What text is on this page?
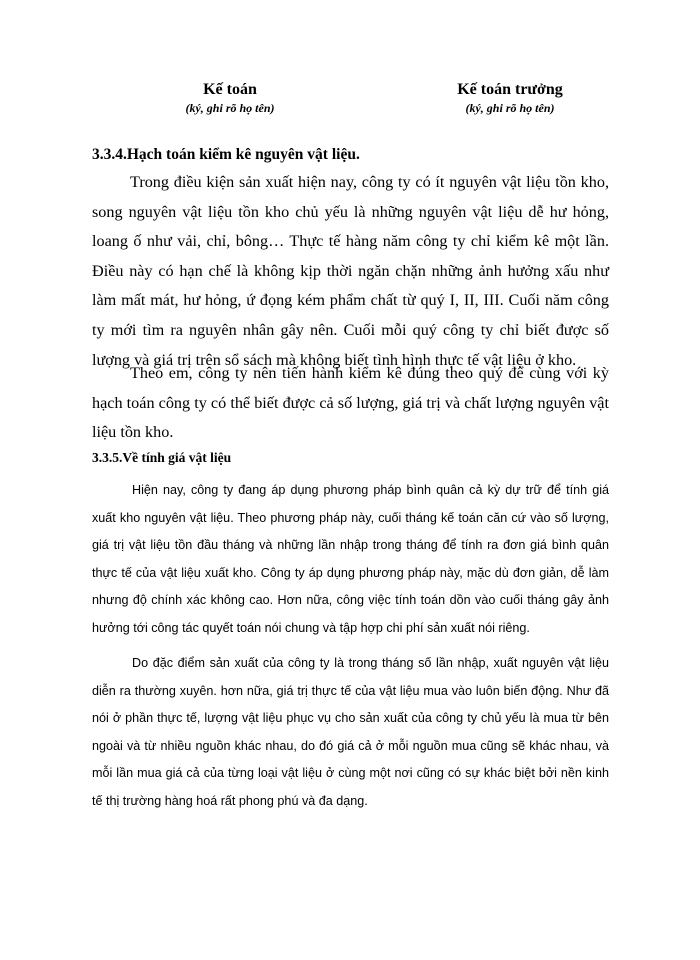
Kế toán
(ký, ghi rõ họ tên)
Kế toán trưởng
(ký, ghi rõ họ tên)
3.3.4.Hạch toán kiểm kê nguyên vật liệu.

Trong điều kiện sản xuất hiện nay, công ty có ít nguyên vật liệu tồn kho, song nguyên vật liệu tồn kho chủ yếu là những nguyên vật liệu dễ hư hỏng, loang ố như vải, chỉ, bông… Thực tế hàng năm công ty chỉ kiểm kê một lần. Điều này có hạn chế là không kịp thời ngăn chặn những ảnh hưởng xấu như làm mất mát, hư hỏng, ứ đọng kém phẩm chất từ quý I, II, III. Cuối năm công ty mới tìm ra nguyên nhân gây nên. Cuối mỗi quý công ty chỉ biết được số lượng và giá trị trên sổ sách mà không biết tình hình thực tế vật liệu ở kho.

Theo em, công ty nên tiến hành kiểm kê đúng theo quý để cùng với kỳ hạch toán công ty có thể biết được cả số lượng, giá trị và chất lượng nguyên vật liệu tồn kho.

3.3.5.Về tính giá vật liệu

Hiện nay, công ty đang áp dụng phương pháp bình quân cả kỳ dự trữ để tính giá xuất kho nguyên vật liệu. Theo phương pháp này, cuối tháng kế toán căn cứ vào số lượng, giá trị vật liệu tồn đầu tháng và những lần nhập trong tháng để tính ra đơn giá bình quân thực tế của vật liệu xuất kho. Công ty áp dụng phương pháp này, mặc dù đơn giản, dễ làm nhưng độ chính xác không cao. Hơn nữa, công việc tính toán dồn vào cuối tháng gây ảnh hưởng tới công tác quyết toán nói chung và tập hợp chi phí sản xuất nói riêng.

Do đặc điểm sản xuất của công ty là trong tháng số lần nhập, xuất nguyên vật liệu diễn ra thường xuyên. hơn nữa, giá trị thực tế của vật liệu mua vào luôn biến động. Như đã nói ở phần thực tế, lượng vật liệu phục vụ cho sản xuất của công ty chủ yếu là mua từ bên ngoài và từ nhiều nguồn khác nhau, do đó giá cả ở mỗi nguồn mua cũng sẽ khác nhau, và mỗi lần mua giá cả của từng loại vật liệu ở cùng một nơi cũng có sự khác biệt bởi nền kinh tế thị trường hàng hoá rất phong phú và đa dạng.
